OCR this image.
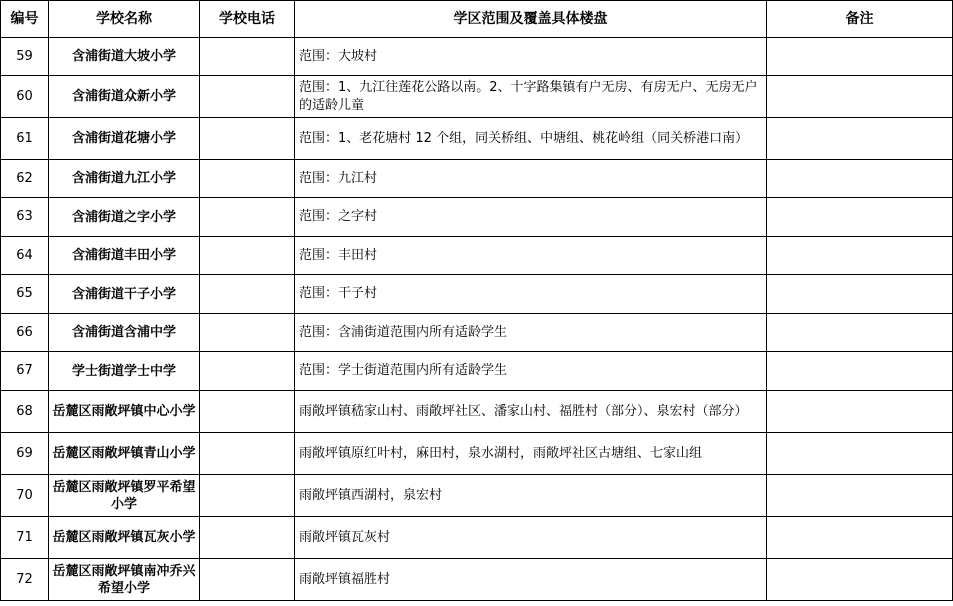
编号	学校名称	学校电话	学区范围及覆盖具体楼盘	备注
59	含浦街道大坡小学		范围：大坡村	
60	含浦街道众新小学		范围：1、九江往莲花公路以南。2、十字路集镇有户无房、有房无户、无房无户的适龄儿童	
61	含浦街道花塘小学		范围：1、老花塘村 12 个组，同关桥组、中塘组、桃花岭组（同关桥港口南）	
62	含浦街道九江小学		范围：九江村	
63	含浦街道之字小学		范围：之字村	
64	含浦街道丰田小学		范围：丰田村	
65	含浦街道干子小学		范围：干子村	
66	含浦街道含浦中学		范围：含浦街道范围内所有适龄学生	
67	学士街道学士中学		范围：学士街道范围内所有适龄学生	
68	岳麓区雨敞坪镇中心小学		雨敞坪镇嵇家山村、雨敞坪社区、潘家山村、福胜村（部分）、泉宏村（部分）	
69	岳麓区雨敞坪镇青山小学		雨敞坪镇原红叶村，麻田村，泉水湖村，雨敞坪社区古塘组、七家山组	
70	岳麓区雨敞坪镇罗平希望小学		雨敞坪镇西湖村，泉宏村	
71	岳麓区雨敞坪镇瓦灰小学		雨敞坪镇瓦灰村	
72	岳麓区雨敞坪镇南冲乔兴希望小学		雨敞坪镇福胜村	
